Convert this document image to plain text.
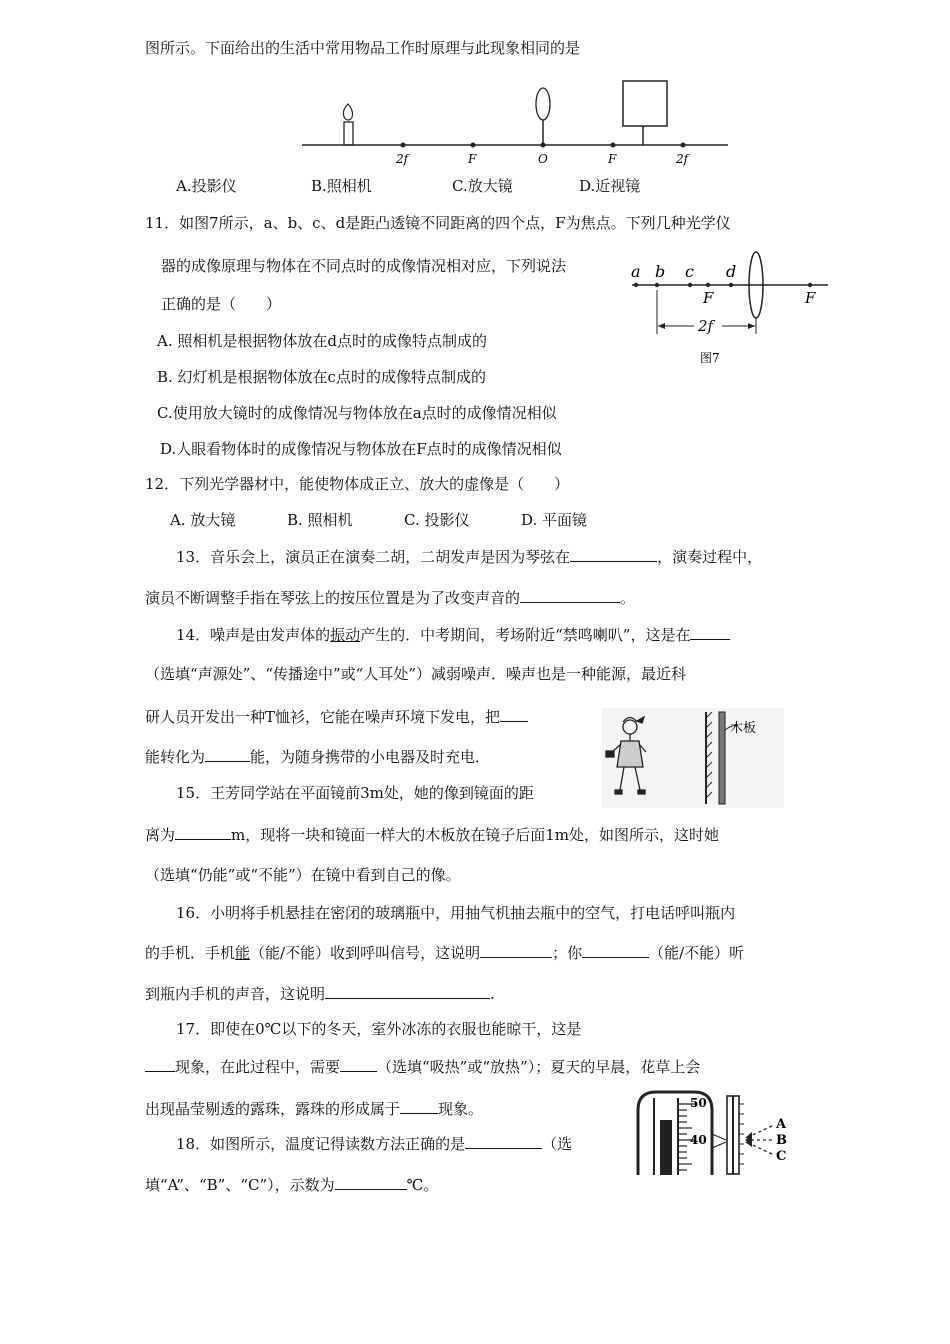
图所示。下面给出的生活中常用物品工作时原理与此现象相同的是
2f	F	O	F	2f
A.投影仪	B.照相机	C.放大镜	D.近视镜
11．如图7所示，a、b、c、d是距凸透镜不同距离的四个点，F为焦点。下列几种光学仪
器的成像原理与物体在不同点时的成像情况相对应，下列说法
正确的是（　　）
A. 照相机是根据物体放在d点时的成像特点制成的
B. 幻灯机是根据物体放在c点时的成像特点制成的
C.使用放大镜时的成像情况与物体放在a点时的成像情况相似
D.人眼看物体时的成像情况与物体放在F点时的成像情况相似
a b c d
F	F
2f
图7
12．下列光学器材中，能使物体成正立、放大的虚像是（　　）
A. 放大镜	B. 照相机	C. 投影仪	D. 平面镜
13．音乐会上，演员正在演奏二胡，二胡发声是因为琴弦在	，演奏过程中，
演员不断调整手指在琴弦上的按压位置是为了改变声音的	。
14．噪声是由发声体的振动产生的．中考期间，考场附近“禁鸣喇叭”，这是在
（选填“声源处”、“传播途中”或“人耳处”）减弱噪声．噪声也是一种能源，最近科
研人员开发出一种T恤衫，它能在噪声环境下发电，把
能转化为	能，为随身携带的小电器及时充电．
木板
15．王芳同学站在平面镜前3m处，她的像到镜面的距
离为	m，现将一块和镜面一样大的木板放在镜子后面1m处，如图所示，这时她
（选填“仍能”或“不能”）在镜中看到自己的像。
16．小明将手机悬挂在密闭的玻璃瓶中，用抽气机抽去瓶中的空气，打电话呼叫瓶内
的手机．手机能（能/不能）收到呼叫信号，这说明	；你	（能/不能）听
到瓶内手机的声音，这说明	.
17．即使在0℃以下的冬天，室外冰冻的衣服也能晾干，这是
现象，在此过程中，需要 （选填“吸热”或“放热”）；夏天的早晨，花草上会
出现晶莹剔透的露珠，露珠的形成属于	现象。	50
40
A
B
C
18．如图所示，温度记得读数方法正确的是	（选
填“A”、“B”、“C”），示数为	℃。
